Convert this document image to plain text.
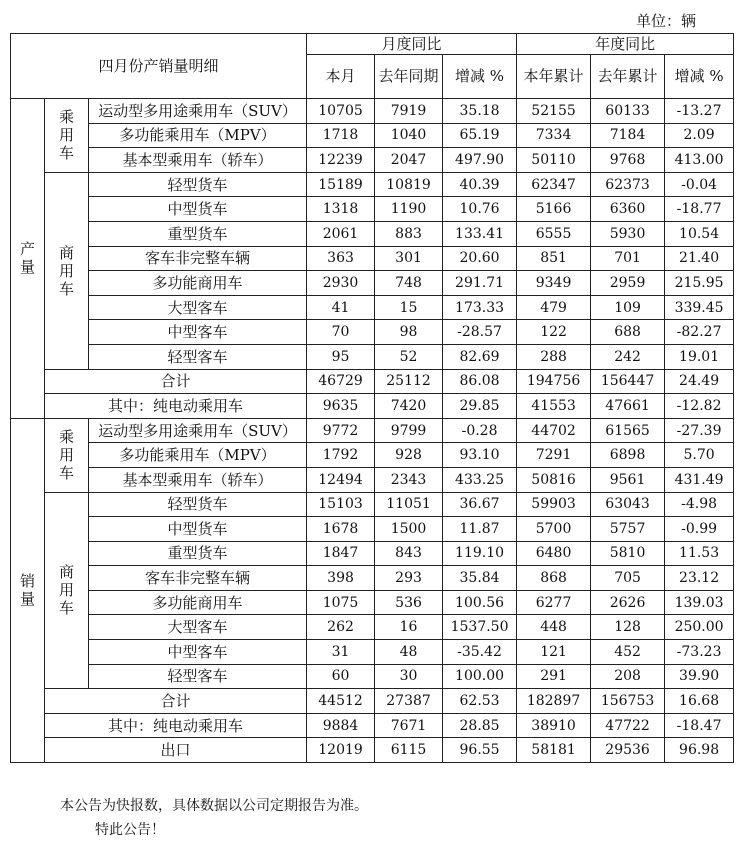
单位：辆
四月份产销量明细			月度同比			年度同比		
			本月	去年同期	增减 %	本年累计	去年累计	增减 %

产
量	乘
用
车	运动型多用途乘用车（SUV）	10705	7919	35.18	52155	60133	-13.27
		多功能乘用车（MPV）	1718	1040	65.19	7334	7184	2.09
		基本型乘用车（轿车）	12239	2047	497.90	50110	9768	413.00

	商
用
车	轻型货车	15189	10819	40.39	62347	62373	-0.04
		中型货车	1318	1190	10.76	5166	6360	-18.77
		重型货车	2061	883	133.41	6555	5930	10.54
		客车非完整车辆	363	301	20.60	851	701	21.40
		多功能商用车	2930	748	291.71	9349	2959	215.95
		大型客车	41	15	173.33	479	109	339.45
		中型客车	70	98	-28.57	122	688	-82.27
		轻型客车	95	52	82.69	288	242	19.01
	合计		46729	25112	86.08	194756	156447	24.49
	其中：纯电动乘用车		9635	7420	29.85	41553	47661	-12.82

销
量	乘
用
车	运动型多用途乘用车（SUV）	9772	9799	-0.28	44702	61565	-27.39
		多功能乘用车（MPV）	1792	928	93.10	7291	6898	5.70
		基本型乘用车（轿车）	12494	2343	433.25	50816	9561	431.49

	商
用
车	轻型货车	15103	11051	36.67	59903	63043	-4.98
		中型货车	1678	1500	11.87	5700	5757	-0.99
		重型货车	1847	843	119.10	6480	5810	11.53
		客车非完整车辆	398	293	35.84	868	705	23.12
		多功能商用车	1075	536	100.56	6277	2626	139.03
		大型客车	262	16	1537.50	448	128	250.00
		中型客车	31	48	-35.42	121	452	-73.23
		轻型客车	60	30	100.00	291	208	39.90
	合计		44512	27387	62.53	182897	156753	16.68
	其中：纯电动乘用车		9884	7671	28.85	38910	47722	-18.47
	出口		12019	6115	96.55	58181	29536	96.98
本公告为快报数，具体数据以公司定期报告为准。
特此公告！
